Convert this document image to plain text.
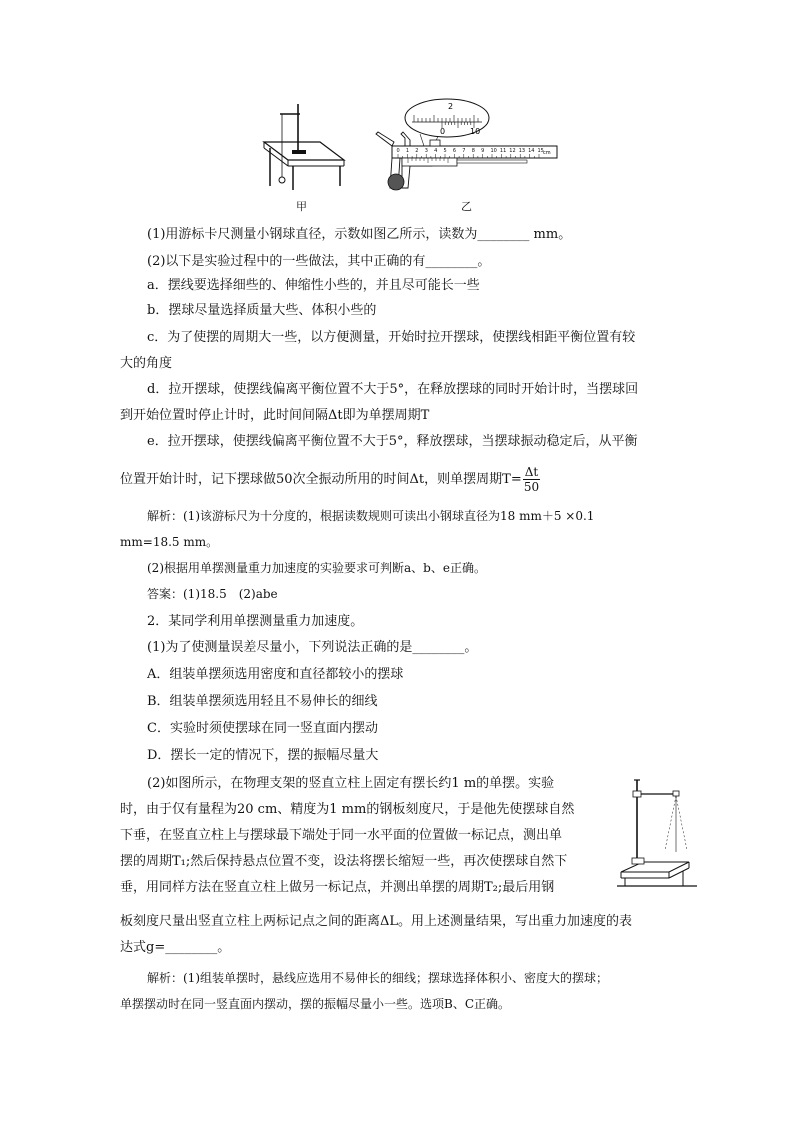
甲
2
0	10
0 1 2 3 4 5 6 7 8 9 10 11 12 13 14 15 cm
乙
(1)用游标卡尺测量小钢球直径，示数如图乙所示，读数为________ mm。
(2)以下是实验过程中的一些做法，其中正确的有________。
a．摆线要选择细些的、伸缩性小些的，并且尽可能长一些
b．摆球尽量选择质量大些、体积小些的
c．为了使摆的周期大一些，以方便测量，开始时拉开摆球，使摆线相距平衡位置有较
大的角度
d．拉开摆球，使摆线偏离平衡位置不大于5°，在释放摆球的同时开始计时，当摆球回
到开始位置时停止计时，此时间间隔Δt即为单摆周期T
e．拉开摆球，使摆线偏离平衡位置不大于5°，释放摆球，当摆球振动稳定后，从平衡
位置开始计时，记下摆球做50次全振动所用的时间Δt，则单摆周期$T= \frac{\Delta t}{50}$
解析：(1)该游标尺为十分度的，根据读数规则可读出小钢球直径为18 mm＋5 ×0.1
mm=18.5 mm。
(2)根据用单摆测量重力加速度的实验要求可判断a、b、e正确。
答案：(1)18.5　(2)abe
2．某同学利用单摆测量重力加速度。
(1)为了使测量误差尽量小，下列说法正确的是________。
A．组装单摆须选用密度和直径都较小的摆球
B．组装单摆须选用轻且不易伸长的细线
C．实验时须使摆球在同一竖直面内摆动
D．摆长一定的情况下，摆的振幅尽量大
(2)如图所示，在物理支架的竖直立柱上固定有摆长约1 m的单摆。实验
时，由于仅有量程为20 cm、精度为1 mm的钢板刻度尺，于是他先使摆球自然
下垂，在竖直立柱上与摆球最下端处于同一水平面的位置做一标记点，测出单
摆的周期T₁;然后保持悬点位置不变，设法将摆长缩短一些，再次使摆球自然下
垂，用同样方法在竖直立柱上做另一标记点，并测出单摆的周期T₂;最后用钢
板刻度尺量出竖直立柱上两标记点之间的距离ΔL。用上述测量结果，写出重力加速度的表
达式g=________。
解析：(1)组装单摆时，悬线应选用不易伸长的细线；摆球选择体积小、密度大的摆球；
单摆摆动时在同一竖直面内摆动，摆的振幅尽量小一些。选项B、C正确。
